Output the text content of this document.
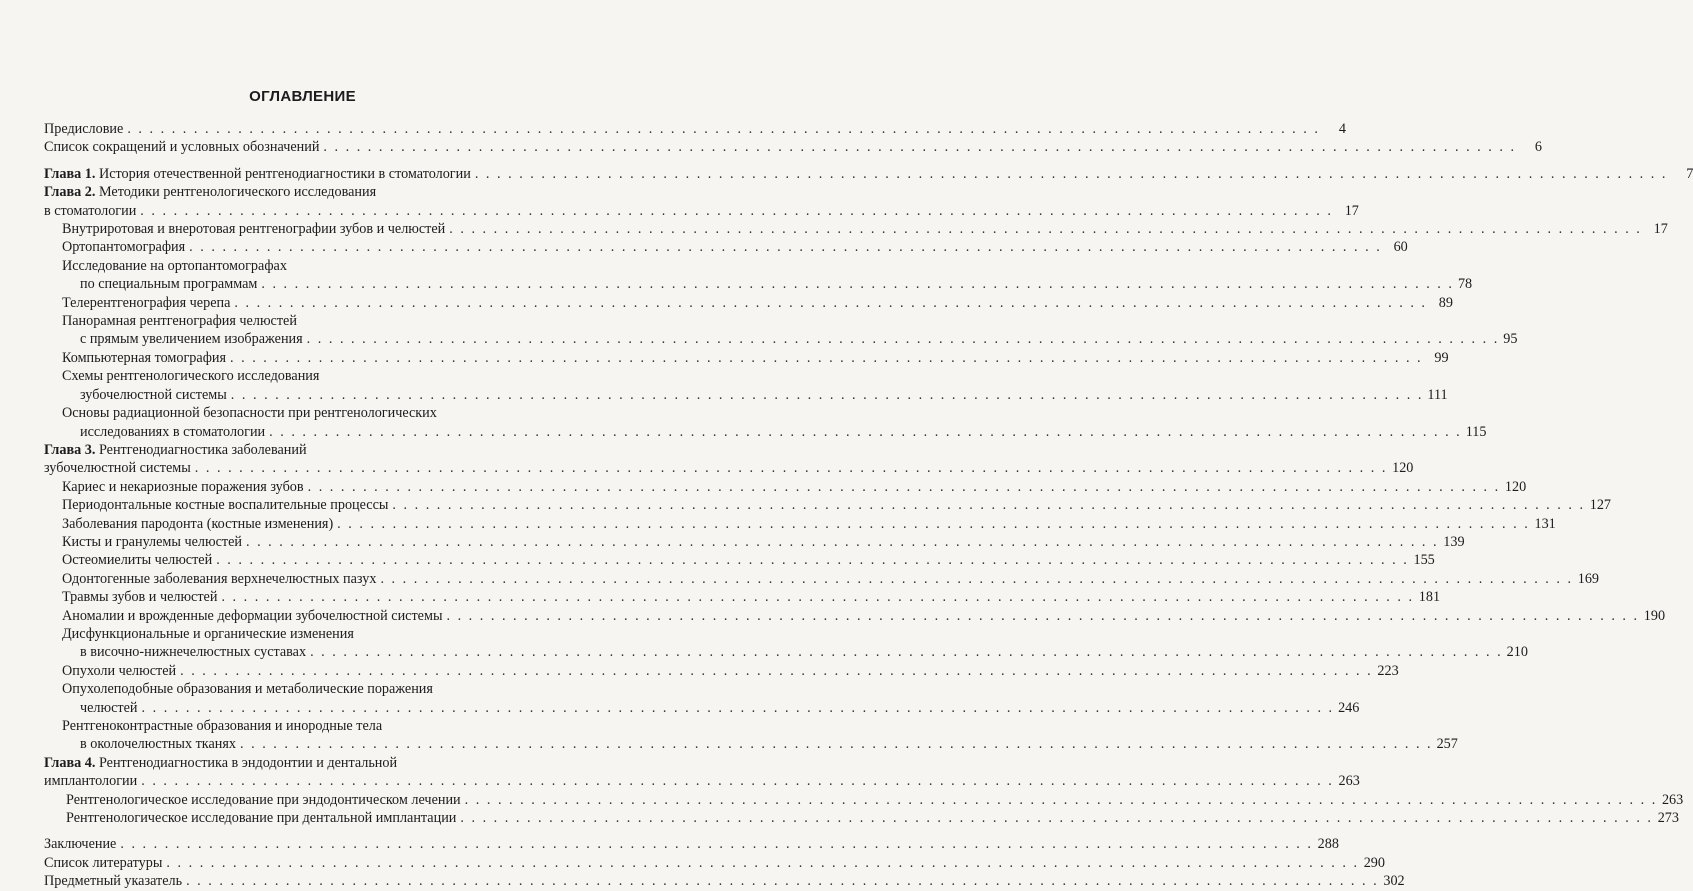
ОГЛАВЛЕНИЕ
Предисловие . . .	4
Список сокращений и условных обозначений . . .	6
Глава 1. История отечественной рентгенодиагностики в стоматологии . . .	7
Глава 2. Методики рентгенологического исследования
в стоматологии . . .	17
Внутриротовая и внеротовая рентгенографии зубов и челюстей . . .	17
Ортопантомография . . .	60
Исследование на ортопантомографах
по специальным программам . . .	78
Телерентгенография черепа . . .	89
Панорамная рентгенография челюстей
с прямым увеличением изображения . . .	95
Компьютерная томография . . .	99
Схемы рентгенологического исследования
зубочелюстной системы . . .	111
Основы радиационной безопасности при рентгенологических
исследованиях в стоматологии . . .	115
Глава 3. Рентгенодиагностика заболеваний
зубочелюстной системы . . .	120
Кариес и некариозные поражения зубов . . .	120
Периодонтальные костные воспалительные процессы . . .	127
Заболевания пародонта (костные изменения) . . .	131
Кисты и гранулемы челюстей . . .	139
Остеомиелиты челюстей . . .	155
Одонтогенные заболевания верхнечелюстных пазух . . .	169
Травмы зубов и челюстей . . .	181
Аномалии и врожденные деформации зубочелюстной системы . . .	190
Дисфункциональные и органические изменения
в височно-нижнечелюстных суставах . . .	210
Опухоли челюстей . . .	223
Опухолеподобные образования и метаболические поражения
челюстей . . .	246
Рентгеноконтрастные образования и инородные тела
в околочелюстных тканях . . .	257
Глава 4. Рентгенодиагностика в эндодонтии и дентальной
имплантологии . . .	263
Рентгенологическое исследование при эндодонтическом лечении . . .	263
Рентгенологическое исследование при дентальной имплантации . . .	273
Заключение . . .	288
Список литературы . . .	290
Предметный указатель . . .	302
